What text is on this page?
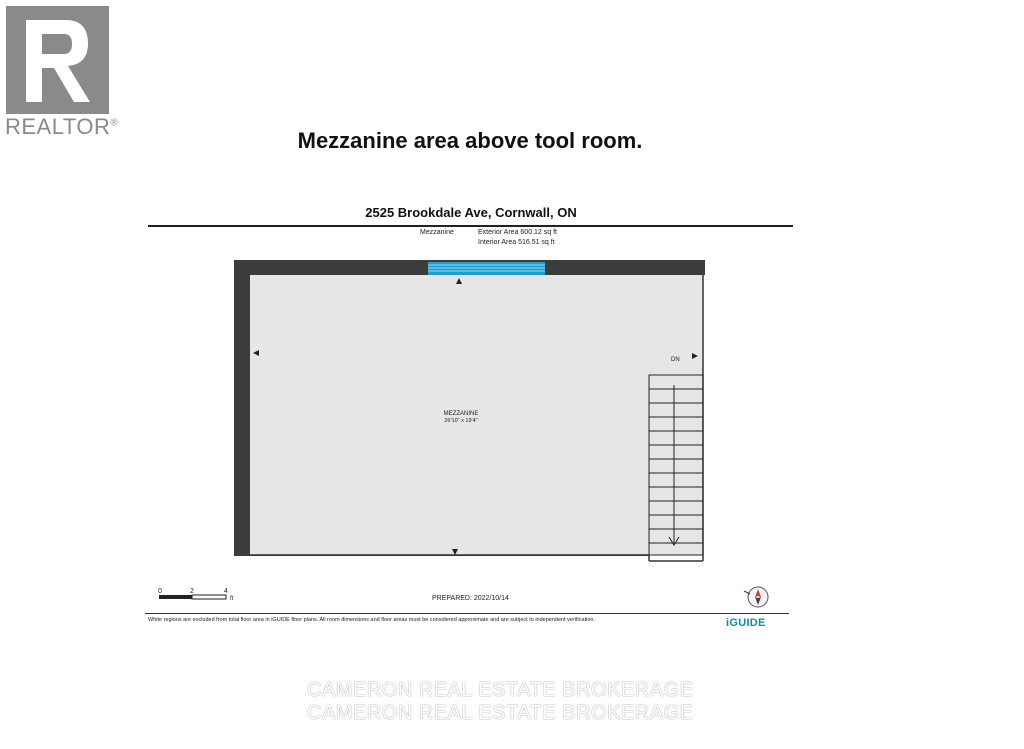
REALTOR®
Mezzanine area above tool room.
2525 Brookdale Ave, Cornwall, ON
Mezzanine	Exterior Area 600.12 sq ft
Interior Area 516.51 sq ft
DN
MEZZANINE
26'10" x 19'4"
0	2	4
ft	PREPARED: 2022/10/14
White regions are excluded from total floor area in iGUIDE floor plans. All room dimensions and floor areas must be considered approximate and are subject to independent verification.	iGUIDE
CAMERON REAL ESTATE BROKERAGE
CAMERON REAL ESTATE BROKERAGE
